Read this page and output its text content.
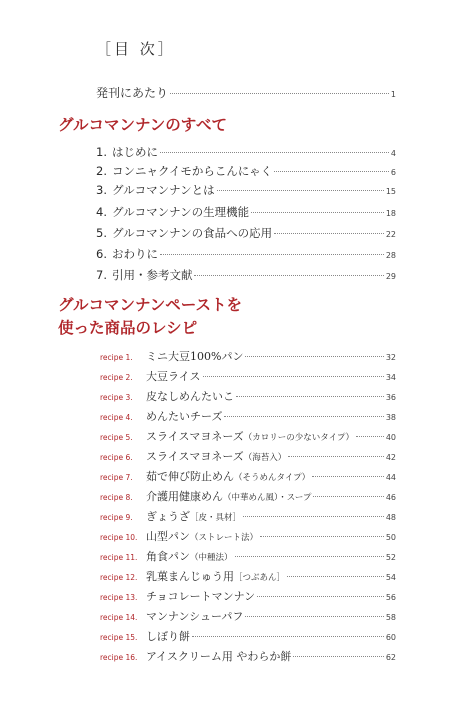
［目 次］
発刊にあたり	1
グルコマンナンのすべて
1. はじめに	4
2. コンニャクイモからこんにゃく	6
3. グルコマンナンとは	15
4. グルコマンナンの生理機能	18
5. グルコマンナンの食品への応用	22
6. おわりに	28
7. 引用・参考文献	29
グルコマンナンペーストを
使った商品のレシピ
recipe 1.	ミニ大豆100%パン	32
recipe 2.	大豆ライス	34
recipe 3.	皮なしめんたいこ	36
recipe 4.	めんたいチーズ	38
recipe 5.	スライスマヨネーズ （カロリーの少ないタイプ）	40
recipe 6.	スライスマヨネーズ （海苔入）	42
recipe 7.	茹で伸び防止めん （そうめんタイプ）	44
recipe 8.	介護用健康めん （中華めん風）・スープ	46
recipe 9.	ぎょうざ ［皮・具材］	48
recipe 10. 山型パン （ストレート法）	50
recipe 11. 角食パン （中種法）	52
recipe 12. 乳菓まんじゅう用 ［つぶあん］	54
recipe 13. チョコレートマンナン	56
recipe 14. マンナンシューパフ	58
recipe 15. しぼり餅	60
recipe 16. アイスクリーム用 やわらか餅	62
